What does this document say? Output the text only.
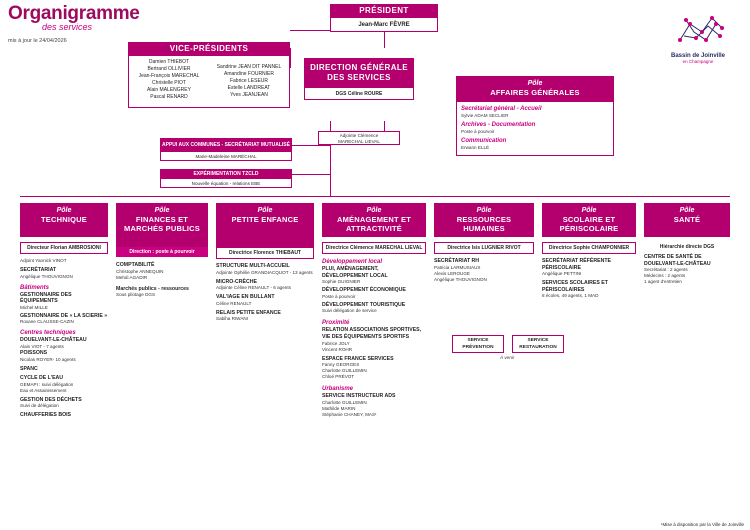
Organigramme
des services
mis à jour le 24/04/2026
Bassin de Joinville
en Champagne
PRÉSIDENT
Jean-Marc FÈVRE
VICE-PRÉSIDENTS
Damien THIEBOT
Bertrand OLLIVIER
Jean-François MARECHAL
Christelle PIOT
Alain MALENGREY
Pascal RENARD
Sandrine JEAN DIT PANNEL
Amandine FOURNIER
Fabrice LESEUR
Estelle LANDREAT
Yves JEANJEAN
DIRECTION GÉNÉRALE DES SERVICES
DGS Céline ROURE
Adjointe Clémence
MARECHAL LIEVAL
APPUI AUX COMMUNES - SECRÉTARIAT MUTUALISÉ
Marie-Madeleine MARÉCHAL
EXPÉRIMENTATION TZCLD
Nouvelle équation - relations EBE
Pôle
AFFAIRES GÉNÉRALES
Secrétariat général - Accueil
Sylvie ADAM SECLIER
Archives - Documentation
Poste à pourvoir
Communication
Erwann ELLÉ
Pôle
TECHNIQUE
Directeur Florian AMBROSIONI
Adjoint Yannick VINOT
SECRÉTARIAT
Angélique THOUVIGNON
Bâtiments
GESTIONNAIRE DES ÉQUIPEMENTS
Michel MILLE
GESTIONNAIRE DE « LA SCIERIE »
Roxane CLAUSSE-CAZIN
Centres techniques
DOUELVANT-LE-CHÂTEAU
Alain VIOT - 7 agents
POISSONS
Nicolas ROYER- 10 agents
SPANC
CYCLE DE L'EAU
GEMAPI : suivi délégation
Eau et Assainissement
GESTION DES DÉCHETS
Suivi de délégation
CHAUFFERIES BOIS
Pôle
FINANCES ET MARCHÉS PUBLICS
Direction : poste à pourvoir
COMPTABILITÉ
Christophe ANNEQUIN
Mehdi AGADIR
Marchés publics - ressources
Sous pilotage DGS
Pôle
PETITE ENFANCE
Directrice Florence THIEBAUT
STRUCTURE MULTI-ACCUEIL
Adjointe Ophélie GRANDIACQUOT - 13 agents
MICRO-CRÈCHE
Adjointe Céline RENAULT - 6 agents
VAL'IAGE EN BULLANT
Céline RENAULT
RELAIS PETITE ENFANCE
Sabiha RIWANI
Pôle
AMÉNAGEMENT ET ATTRACTIVITÉ
Directrice Clémence MARECHAL LIEVAL
Développement local
PLUI, AMÉNAGEMENT, DÉVELOPPEMENT LOCAL
Sophie GUIGNIER
DÉVELOPPEMENT ÉCONOMIQUE
Poste à pourvoir
DÉVELOPPEMENT TOURISTIQUE
Suivi délégation de service
Proximité
RELATION ASSOCIATIONS SPORTIVES, VIE DES ÉQUIPEMENTS SPORTIFS
Fabrice JOLY
Vincent ROHR
ESPACE FRANCE SERVICES
Fanny GEORGES
Charlotte GUILLEMIN
Chloé PRÉVOT
Urbanisme
SERVICE INSTRUCTEUR ADS
Charlotte GUILLEMIN
Mathilde MARIN
Stéphanie CHANEY, MAS¹
Pôle
RESSOURCES HUMAINES
Directrice Isis LUGNIER RIVOT
SECRÉTARIAT RH
Patricia LARMUSIAUX
Alexis LEROUGE
Angélique THOUVIGNON
SERVICE PRÉVENTION
SERVICE RESTAURATION
À venir
Pôle
SCOLAIRE ET PÉRISCOLAIRE
Directrice Sophie CHAMPONNIER
SECRÉTARIAT RÉFÉRENTE PÉRISCOLAIRE
Angélique PETTINI
SERVICES SCOLAIRES ET PÉRISCOLAIRES
8 écoles, 49 agents, 1 MAD
Pôle
SANTÉ
Hiérarchie directe DGS
CENTRE DE SANTÉ DE DOUELVANT-LE-CHÂTEAU
Secrétariat : 2 agents
Médecins : 2 agents
1 agent d'entretien
¹Mise à disposition par la Ville de Joinville
